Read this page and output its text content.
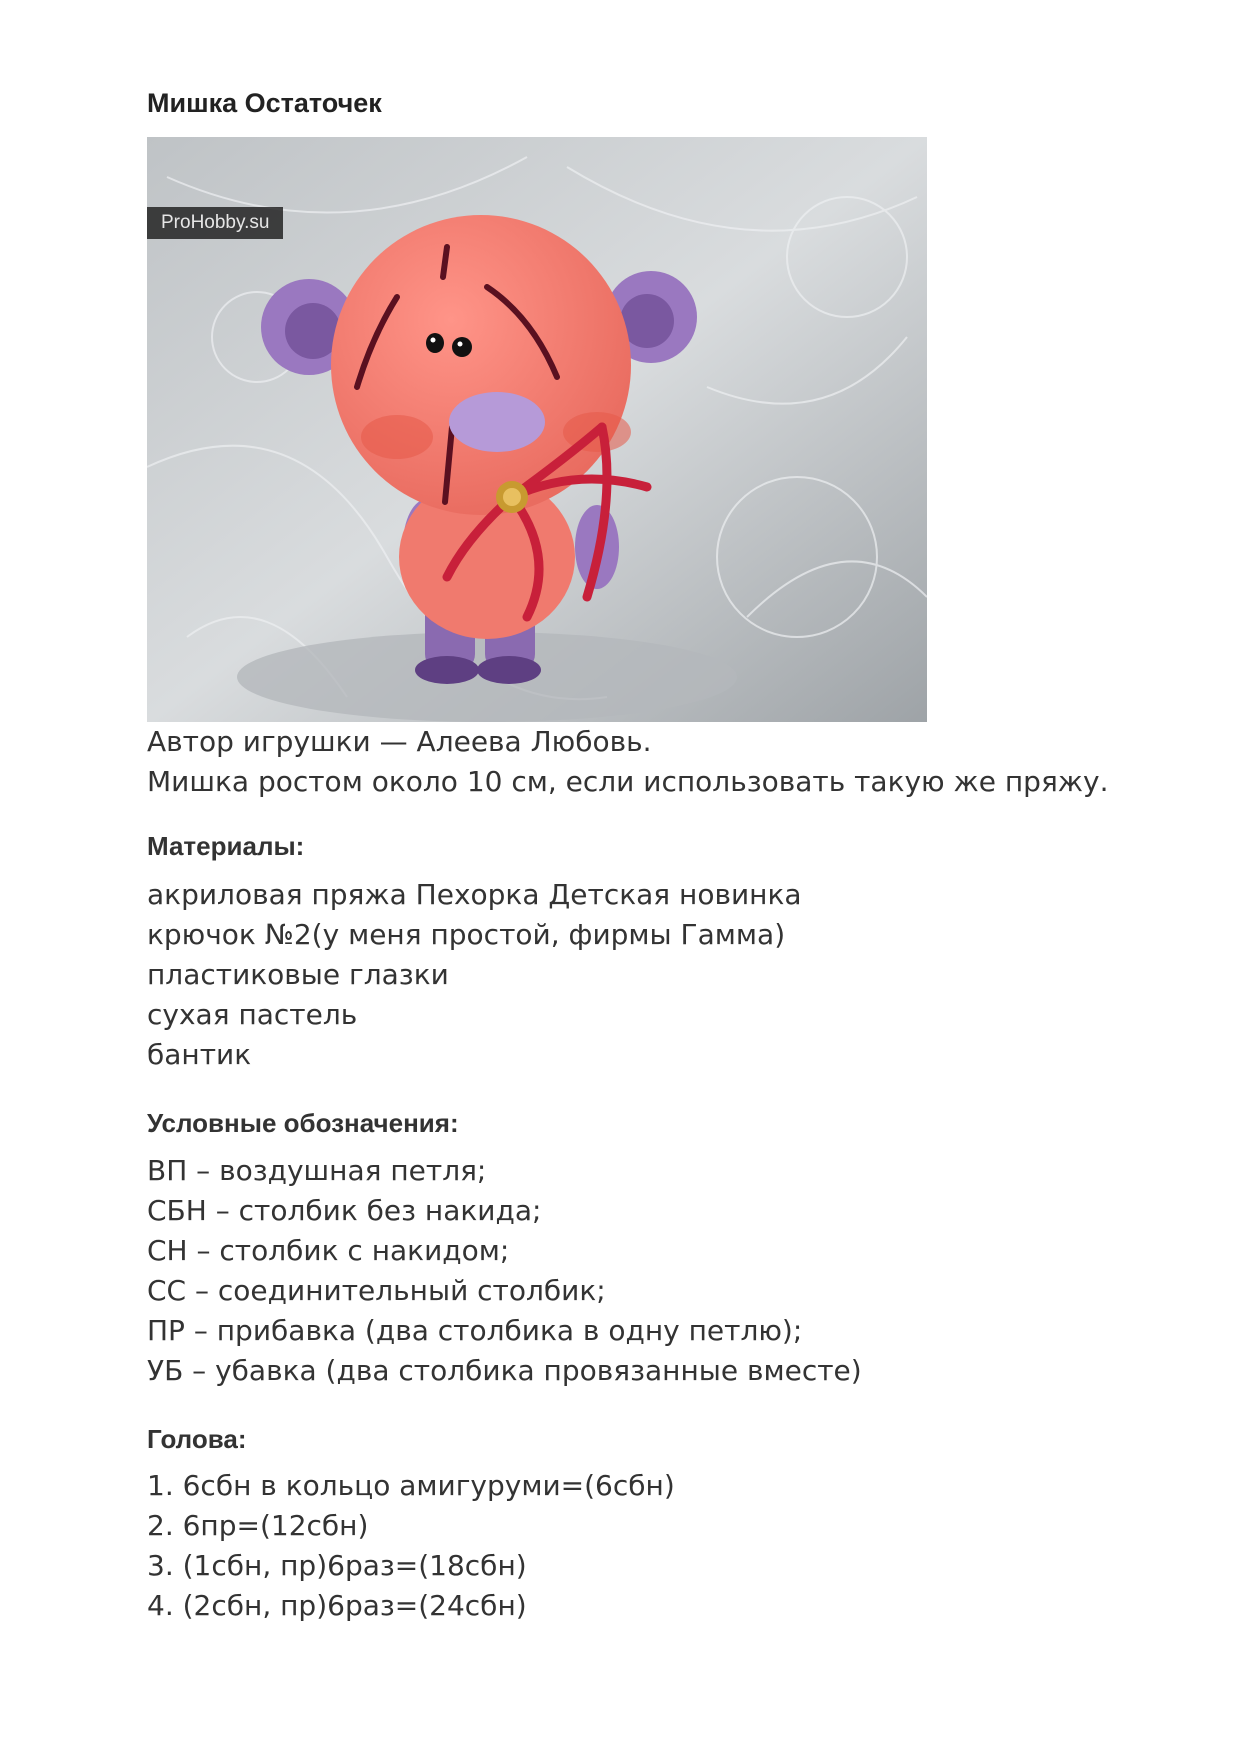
Мишка Остаточек
ProHobby.su
Автор игрушки — Алеева Любовь.
Мишка ростом около 10 см, если использовать такую же пряжу.
Материалы:
акриловая пряжа Пехорка Детская новинка
крючок №2(у меня простой, фирмы Гамма)
пластиковые глазки
сухая пастель
бантик
Условные обозначения:
ВП – воздушная петля;
СБН – столбик без накида;
СН – столбик с накидом;
СС – соединительный столбик;
ПР – прибавка (два столбика в одну петлю);
УБ – убавка (два столбика провязанные вместе)
Голова:
1. 6сбн в кольцо амигуруми=(6сбн)
2. 6пр=(12сбн)
3. (1сбн, пр)6раз=(18сбн)
4. (2сбн, пр)6раз=(24сбн)
